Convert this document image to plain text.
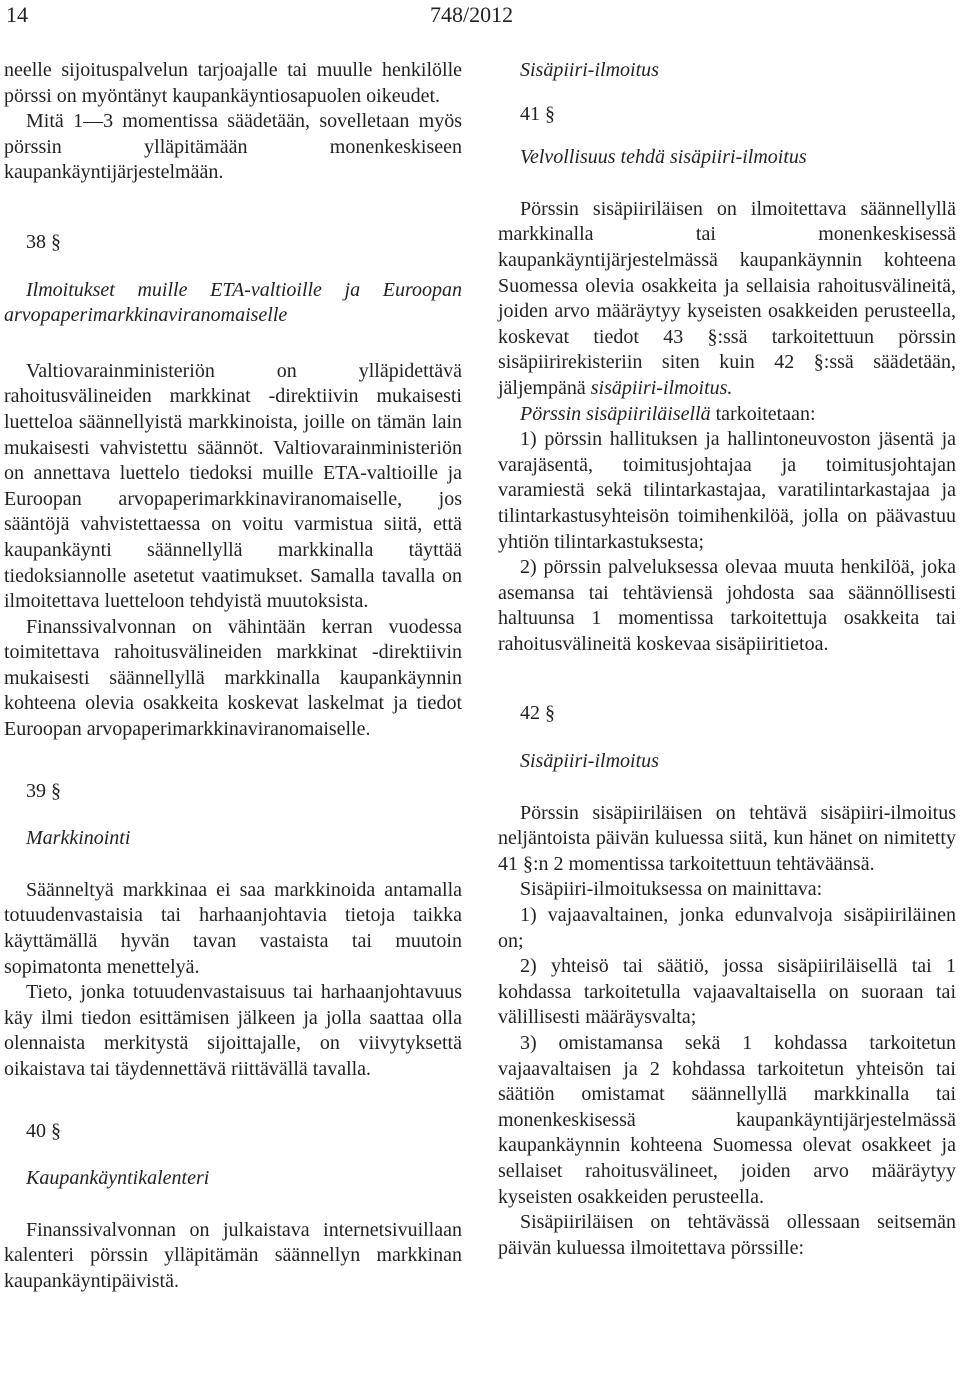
14	748/2012

neelle sijoituspalvelun tarjoajalle tai muulle henkilölle pörssi on myöntänyt kaupankäyntiosapuolen oikeudet.

Mitä 1—3 momentissa säädetään, sovelletaan myös pörssin ylläpitämään monenkeskiseen kaupankäyntijärjestelmään.

38 §

Ilmoitukset muille ETA-valtioille ja Euroopan arvopaperimarkkinaviranomaiselle

Valtiovarainministeriön on ylläpidettävä rahoitusvälineiden markkinat -direktiivin mukaisesti luetteloa säännellyistä markkinoista, joille on tämän lain mukaisesti vahvistettu säännöt. Valtiovarainministeriön on annettava luettelo tiedoksi muille ETA-valtioille ja Euroopan arvopaperimarkkinaviranomaiselle, jos sääntöjä vahvistettaessa on voitu varmistua siitä, että kaupankäynti säännellyllä markkinalla täyttää tiedoksiannolle asetetut vaatimukset. Samalla tavalla on ilmoitettava luetteloon tehdyistä muutoksista.

Finanssivalvonnan on vähintään kerran vuodessa toimitettava rahoitusvälineiden markkinat -direktiivin mukaisesti säännellyllä markkinalla kaupankäynnin kohteena olevia osakkeita koskevat laskelmat ja tiedot Euroopan arvopaperimarkkinaviranomaiselle.

39 §

Markkinointi

Säänneltyä markkinaa ei saa markkinoida antamalla totuudenvastaisia tai harhaanjohtavia tietoja taikka käyttämällä hyvän tavan vastaista tai muutoin sopimatonta menettelyä.

Tieto, jonka totuudenvastaisuus tai harhaanjohtavuus käy ilmi tiedon esittämisen jälkeen ja jolla saattaa olla olennaista merkitystä sijoittajalle, on viivytyksettä oikaistava tai täydennettävä riittävällä tavalla.

40 §

Kaupankäyntikalenteri

Finanssivalvonnan on julkaistava internetsivuillaan kalenteri pörssin ylläpitämän säännellyn markkinan kaupankäyntipäivistä.

Sisäpiiri-ilmoitus

41 §

Velvollisuus tehdä sisäpiiri-ilmoitus

Pörssin sisäpiiriläisen on ilmoitettava säännellyllä markkinalla tai monenkeskisessä kaupankäyntijärjestelmässä kaupankäynnin kohteena Suomessa olevia osakkeita ja sellaisia rahoitusvälineitä, joiden arvo määräytyy kyseisten osakkeiden perusteella, koskevat tiedot 43 §:ssä tarkoitettuun pörssin sisäpiirirekisteriin siten kuin 42 §:ssä säädetään, jäljempänä sisäpiiri-ilmoitus.

Pörssin sisäpiiriläisellä tarkoitetaan:

1) pörssin hallituksen ja hallintoneuvoston jäsentä ja varajäsentä, toimitusjohtajaa ja toimitusjohtajan varamiestä sekä tilintarkastajaa, varatilintarkastajaa ja tilintarkastusyhteisön toimihenkilöä, jolla on päävastuu yhtiön tilintarkastuksesta;

2) pörssin palveluksessa olevaa muuta henkilöä, joka asemansa tai tehtäviensä johdosta saa säännöllisesti haltuunsa 1 momentissa tarkoitettuja osakkeita tai rahoitusvälineitä koskevaa sisäpiiritietoa.

42 §

Sisäpiiri-ilmoitus

Pörssin sisäpiiriläisen on tehtävä sisäpiiri-ilmoitus neljäntoista päivän kuluessa siitä, kun hänet on nimitetty 41 §:n 2 momentissa tarkoitettuun tehtäväänsä.

Sisäpiiri-ilmoituksessa on mainittava:

1) vajaavaltainen, jonka edunvalvoja sisäpiiriläinen on;

2) yhteisö tai säätiö, jossa sisäpiiriläisellä tai 1 kohdassa tarkoitetulla vajaavaltaisella on suoraan tai välillisesti määräysvalta;

3) omistamansa sekä 1 kohdassa tarkoitetun vajaavaltaisen ja 2 kohdassa tarkoitetun yhteisön tai säätiön omistamat säännellyllä markkinalla tai monenkeskisessä kaupankäyntijärjestelmässä kaupankäynnin kohteena Suomessa olevat osakkeet ja sellaiset rahoitusvälineet, joiden arvo määräytyy kyseisten osakkeiden perusteella.

Sisäpiiriläisen on tehtävässä ollessaan seitsemän päivän kuluessa ilmoitettava pörssille:
